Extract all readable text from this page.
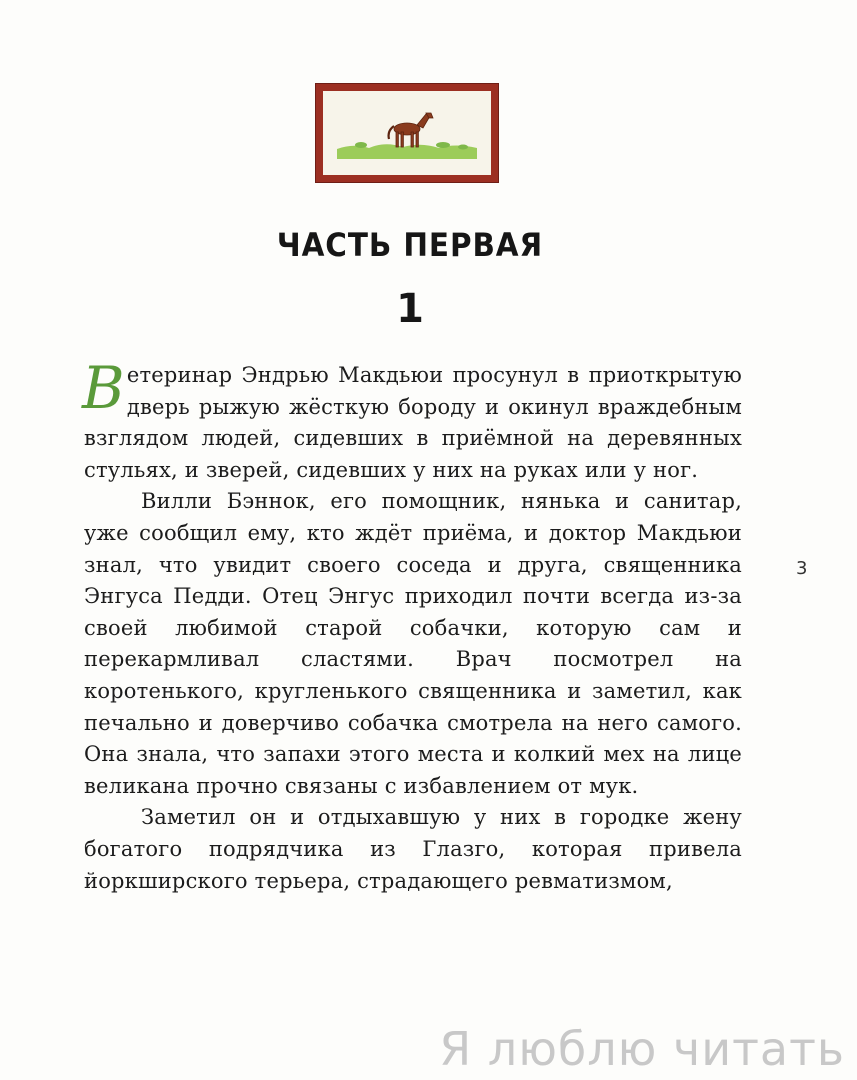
ЧАСТЬ ПЕРВАЯ
1

Ветеринар Эндрью Макдьюи просунул в приоткрытую дверь рыжую жёсткую бороду и окинул враждебным взглядом людей, сидевших в приёмной на деревянных стульях, и зверей, сидевших у них на руках или у ног.

Вилли Бэннок, его помощник, нянька и санитар, уже сообщил ему, кто ждёт приёма, и доктор Макдьюи знал, что увидит своего соседа и друга, священника Энгуса Педди. Отец Энгус приходил почти всегда из-за своей любимой старой собачки, которую сам и перекармливал сластями. Врач посмотрел на коротенького, кругленького священника и заметил, как печально и доверчиво собачка смотрела на него самого. Она знала, что запахи этого места и колкий мех на лице великана прочно связаны с избавлением от мук.

Заметил он и отдыхавшую у них в городке жену богатого подрядчика из Глазго, которая привела йоркширского терьера, страдающего ревматизмом,

3
Я люблю читать
